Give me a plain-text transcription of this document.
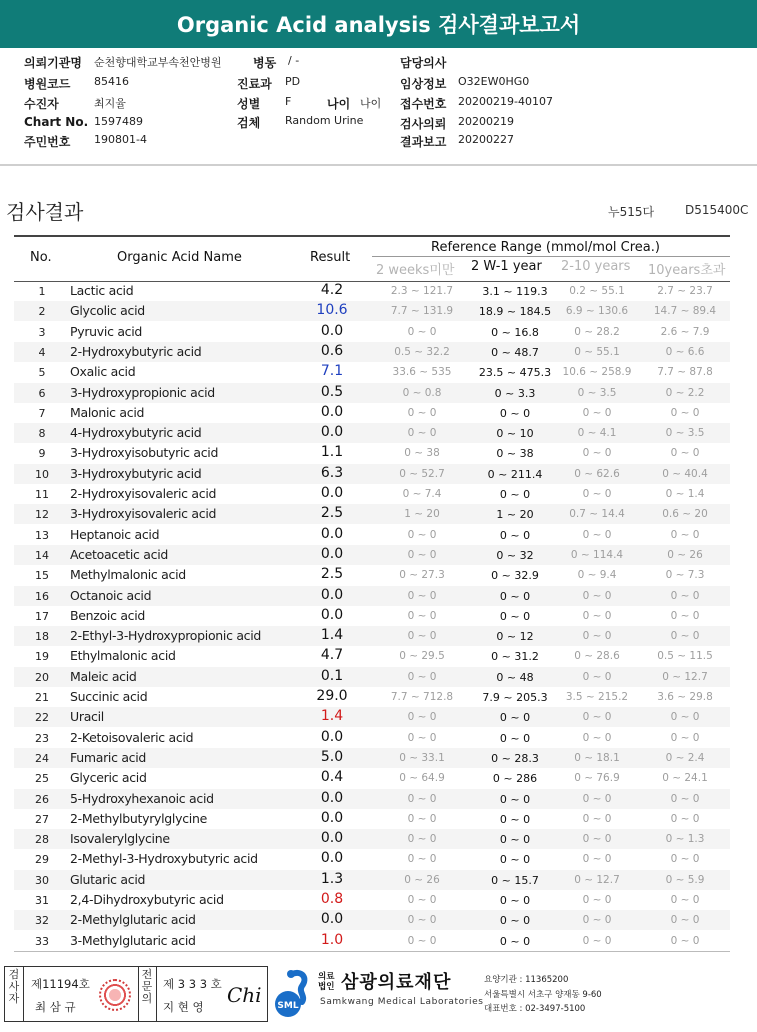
Organic Acid analysis 검사결과보고서
의뢰기관명 순천향대학교부속천안병원
병원코드 85416
수진자	최지율
Chart No. 1597489
주민번호 190801-4
병동 / -
진료과 PD
성별 F	나이 나이
검체 Random Urine
담당의사
임상정보 O32EW0HG0
접수번호 20200219-40107
검사의뢰 20200219
결과보고 20200227
검사결과	누515다	D515400C
No.	Organic Acid Name	Result
Reference Range (mmol/mol Crea.)
2 weeks미만 2 W-1 year 2-10 years 10years초과
1	Lactic acid	4.2	2.3 ~ 121.7	3.1 ~ 119.3	0.2 ~ 55.1	2.7 ~ 23.7
2	Glycolic acid	10.6	7.7 ~ 131.9	18.9 ~ 184.5	6.9 ~ 130.6	14.7 ~ 89.4
3	Pyruvic acid	0.0	0 ~ 0	0 ~ 16.8	0 ~ 28.2	2.6 ~ 7.9
4	2-Hydroxybutyric acid	0.6	0.5 ~ 32.2	0 ~ 48.7	0 ~ 55.1	0 ~ 6.6
5	Oxalic acid	7.1	33.6 ~ 535	23.5 ~ 475.3	10.6 ~ 258.9	7.7 ~ 87.8
6	3-Hydroxypropionic acid	0.5	0 ~ 0.8	0 ~ 3.3	0 ~ 3.5	0 ~ 2.2
7	Malonic acid	0.0	0 ~ 0	0 ~ 0	0 ~ 0	0 ~ 0
8	4-Hydroxybutyric acid	0.0	0 ~ 0	0 ~ 10	0 ~ 4.1	0 ~ 3.5
9	3-Hydroxyisobutyric acid	1.1	0 ~ 38	0 ~ 38	0 ~ 0	0 ~ 0
10	3-Hydroxybutyric acid	6.3	0 ~ 52.7	0 ~ 211.4	0 ~ 62.6	0 ~ 40.4
11	2-Hydroxyisovaleric acid	0.0	0 ~ 7.4	0 ~ 0	0 ~ 0	0 ~ 1.4
12	3-Hydroxyisovaleric acid	2.5	1 ~ 20	1 ~ 20	0.7 ~ 14.4	0.6 ~ 20
13	Heptanoic acid	0.0	0 ~ 0	0 ~ 0	0 ~ 0	0 ~ 0
14	Acetoacetic acid	0.0	0 ~ 0	0 ~ 32	0 ~ 114.4	0 ~ 26
15	Methylmalonic acid	2.5	0 ~ 27.3	0 ~ 32.9	0 ~ 9.4	0 ~ 7.3
16	Octanoic acid	0.0	0 ~ 0	0 ~ 0	0 ~ 0	0 ~ 0
17	Benzoic acid	0.0	0 ~ 0	0 ~ 0	0 ~ 0	0 ~ 0
18	2-Ethyl-3-Hydroxypropionic acid	1.4	0 ~ 0	0 ~ 12	0 ~ 0	0 ~ 0
19	Ethylmalonic acid	4.7	0 ~ 29.5	0 ~ 31.2	0 ~ 28.6	0.5 ~ 11.5
20	Maleic acid	0.1	0 ~ 0	0 ~ 48	0 ~ 0	0 ~ 12.7
21	Succinic acid	29.0	7.7 ~ 712.8	7.9 ~ 205.3	3.5 ~ 215.2	3.6 ~ 29.8
22	Uracil	1.4	0 ~ 0	0 ~ 0	0 ~ 0	0 ~ 0
23	2-Ketoisovaleric acid	0.0	0 ~ 0	0 ~ 0	0 ~ 0	0 ~ 0
24	Fumaric acid	5.0	0 ~ 33.1	0 ~ 28.3	0 ~ 18.1	0 ~ 2.4
25	Glyceric acid	0.4	0 ~ 64.9	0 ~ 286	0 ~ 76.9	0 ~ 24.1
26	5-Hydroxyhexanoic acid	0.0	0 ~ 0	0 ~ 0	0 ~ 0	0 ~ 0
27	2-Methylbutyrylglycine	0.0	0 ~ 0	0 ~ 0	0 ~ 0	0 ~ 0
28	Isovalerylglycine	0.0	0 ~ 0	0 ~ 0	0 ~ 0	0 ~ 1.3
29	2-Methyl-3-Hydroxybutyric acid	0.0	0 ~ 0	0 ~ 0	0 ~ 0	0 ~ 0
30	Glutaric acid	1.3	0 ~ 26	0 ~ 15.7	0 ~ 12.7	0 ~ 5.9
31	2,4-Dihydroxybutyric acid	0.8	0 ~ 0	0 ~ 0	0 ~ 0	0 ~ 0
32	2-Methylglutaric acid	0.0	0 ~ 0	0 ~ 0	0 ~ 0	0 ~ 0
33	3-Methylglutaric acid	1.0	0 ~ 0	0 ~ 0	0 ~ 0	0 ~ 0
검사자
제11194호
최 삼 규
전문의
제 3 3 3 호
지 현 영 Chi SML
의료법인 삼광의료재단
Samkwang Medical Laboratories
요양기관 : 11365200
서울특별시 서초구 양재동 9-60
대표번호 : 02-3497-5100
